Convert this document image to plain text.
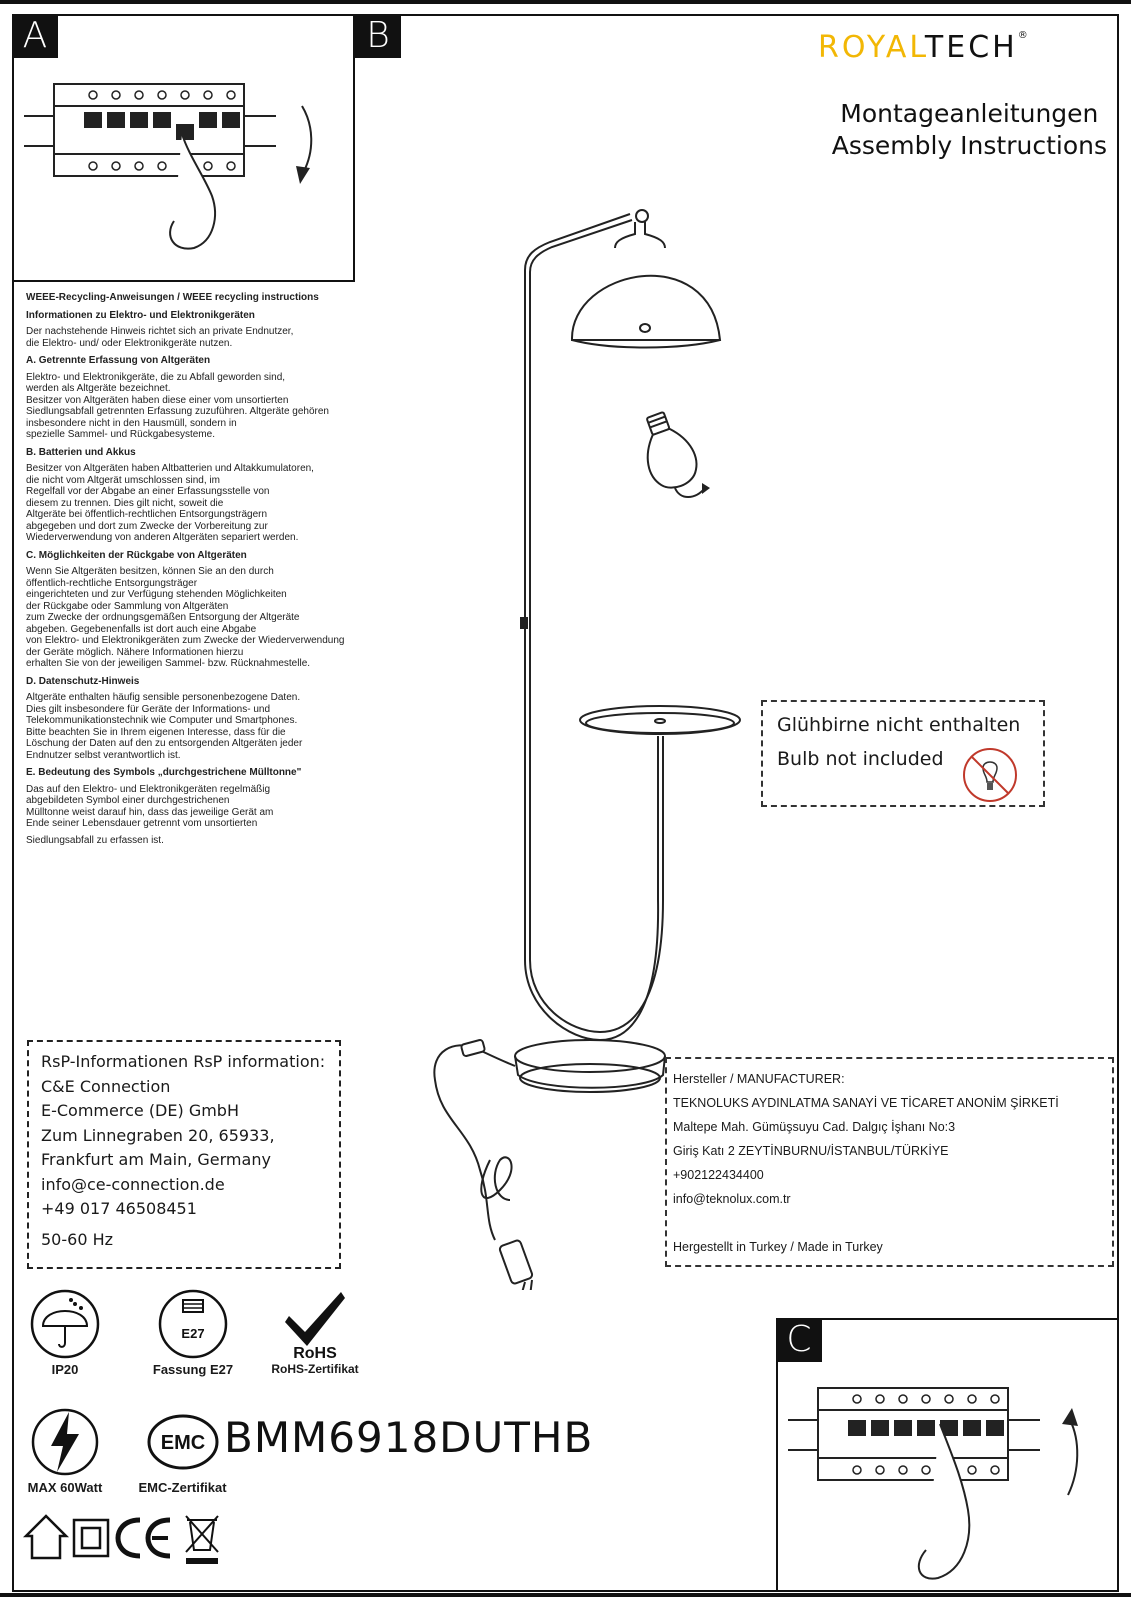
A	B	ROYALTECH®
Montageanleitungen
Assembly Instructions
WEEE-Recycling-Anweisungen / WEEE recycling instructions
Informationen zu Elektro- und Elektronikgeräten

Der nachstehende Hinweis richtet sich an private Endnutzer,
die Elektro- und/ oder Elektronikgeräte nutzen.

A. Getrennte Erfassung von Altgeräten

Elektro- und Elektronikgeräte, die zu Abfall geworden sind,
werden als Altgeräte bezeichnet.
Besitzer von Altgeräten haben diese einer vom unsortierten
Siedlungsabfall getrennten Erfassung zuzuführen. Altgeräte gehören
insbesondere nicht in den Hausmüll, sondern in
spezielle Sammel- und Rückgabesysteme.

B. Batterien und Akkus

Besitzer von Altgeräten haben Altbatterien und Altakkumulatoren,
die nicht vom Altgerät umschlossen sind, im
Regelfall vor der Abgabe an einer Erfassungsstelle von
diesem zu trennen. Dies gilt nicht, soweit die
Altgeräte bei öffentlich-rechtlichen Entsorgungsträgern
abgegeben und dort zum Zwecke der Vorbereitung zur
Wiederverwendung von anderen Altgeräten separiert werden.

C. Möglichkeiten der Rückgabe von Altgeräten

Wenn Sie Altgeräten besitzen, können Sie an den durch
öffentlich-rechtliche Entsorgungsträger
eingerichteten und zur Verfügung stehenden Möglichkeiten
der Rückgabe oder Sammlung von Altgeräten
zum Zwecke der ordnungsgemäßen Entsorgung der Altgeräte
abgeben. Gegebenenfalls ist dort auch eine Abgabe
von Elektro- und Elektronikgeräten zum Zwecke der Wiederverwendung
der Geräte möglich. Nähere Informationen hierzu
erhalten Sie von der jeweiligen Sammel- bzw. Rücknahmestelle.

D. Datenschutz-Hinweis

Altgeräte enthalten häufig sensible personenbezogene Daten.
Dies gilt insbesondere für Geräte der Informations- und
Telekommunikationstechnik wie Computer und Smartphones.
Bitte beachten Sie in Ihrem eigenen Interesse, dass für die
Löschung der Daten auf den zu entsorgenden Altgeräten jeder
Endnutzer selbst verantwortlich ist.

E. Bedeutung des Symbols „durchgestrichene Mülltonne"

Das auf den Elektro- und Elektronikgeräten regelmäßig
abgebildeten Symbol einer durchgestrichenen
Mülltonne weist darauf hin, dass das jeweilige Gerät am
Ende seiner Lebensdauer getrennt vom unsortierten

Siedlungsabfall zu erfassen ist.

Glühbirne nicht enthalten
Bulb not included
RsP-Informationen RsP information:
C&E Connection
E-Commerce (DE) GmbH
Zum Linnegraben 20, 65933,
Frankfurt am Main, Germany
info@ce-connection.de
+49 017 46508451
50-60 Hz
Hersteller / MANUFACTURER:
TEKNOLUKS AYDINLATMA SANAYİ VE TİCARET ANONİM ŞİRKETİ
Maltepe Mah. Gümüşsuyu Cad. Dalgıç İşhanı No:3
Giriş Katı 2 ZEYTİNBURNU/İSTANBUL/TÜRKİYE
+902122434400
info@teknolux.com.tr
Hergestellt in Turkey / Made in Turkey
C
IP20
E27
Fassung E27
RoHS
RoHS-Zertifikat
MAX 60Watt
EMC
EMC-Zertifikat
BMM6918DUTHB
